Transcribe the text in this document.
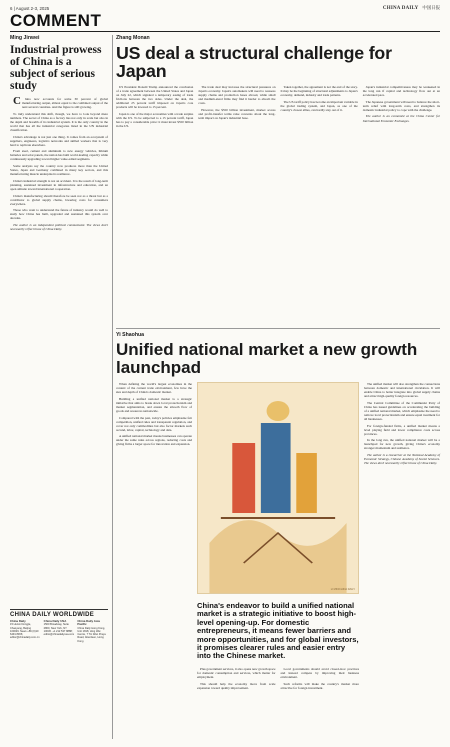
6 | August 2-3, 2025	CHINA DAILY 中国日报
COMMENT
Ming Jinwei
Industrial prowess of China is a subject of serious study

C	hina now accounts for some 30 percent of global manufacturing output, almost equal to the combined output of the next several countries. And the figure is still growing.

To truly understand this shift, though, we have to look beyond mere numbers. The secret of China as a factory lies not only in scale but also in the depth and breadth of its industrial system. It is the only country in the world that has all the industrial categories listed in the UN industrial classification.

China's advantage is not just one thing. It comes from an ecosystem of suppliers, engineers, logistics networks and skilled workers that is very hard to replicate elsewhere.

From steel, cement and aluminum to new energy vehicles, lithium batteries and solar panels, the nation has built world-leading capacity while continuously upgrading toward higher value-added segments.

Some analysts say the country now produces more than the United States, Japan and Germany combined in many key sectors, and this manufacturing muscle underpins its resilience.

China's industrial strength is not an accident. It is the result of long-term planning, sustained investment in infrastructure and education, and an open attitude toward international cooperation.

China's manufacturing should therefore be seen not as a threat but as a contributor to global supply chains, lowering costs for consumers everywhere.

Those who want to understand the future of industry would do well to study how China has built, upgraded and sustained this system over decades.

The author is an independent political commentator. The views don't necessarily reflect those of China Daily.

CHINA DAILY WORLDWIDE
China Daily
15 Huixin Dongjie, Chaoyang, Beijing 100029. News +86 (0)10 6491 8366; editor@chinadaily.com.cn
China Daily USA
1500 Broadway, Suite 2800, New York, NY 10036. +1 212 537 8888; editor@chinadailyusa.com
China Daily Asia Pacific
China Daily Hong Kong, Unit 1818, Hing Wai Centre, 7 Tin Wan Praya Road, Aberdeen, Hong Kong
Zhang Monan
US deal a structural challenge for Japan

US President Donald Trump announced the conclusion of a trade agreement between the United States and Japan on July 22, which signaled a temporary easing of trade frictions between the two sides. Under the deal, the additional 25 percent tariff imposed on Japan's core products will be lowered to 15 percent.

Japan is one of the major economies with a trade surplus with the US. To be subjected to a 15 percent tariff, Japan has to pay a considerable price: it must invest $550 billion in the US.

The trade deal may increase the structural pressures on Japan's economy. Japan's automakers will need to reassess supply chains and production bases abroad, while small and medium-sized firms may find it harder to absorb the costs.

However, the $550 billion investment, market access and profit-transfer terms raise concerns about the long-term impact on Japan's industrial base.

Taken together, the agreement is not the end of the story. It may be the beginning of structural adjustments to Japan's economy, demand, industry and trade patterns.

The US tariff policy has become an important variable in the global trading system, and Japan, as one of the country's closest allies, can hardly stay out of it.

Japan's industrial competitiveness may be weakened in the long run if capital and technology flow out at an accelerated pace.

The Japanese government will need to balance the short-term relief with long-term costs, and strengthen its domestic industrial policy to cope with the challenge.

The author is an economist at the China Center for International Economic Exchanges.

Yi Shaohua
Unified national market a new growth launchpad

When defining the world's largest economies in the context of the current trade environment, few have the size and depth of China's domestic market.

Building a unified national market is a strategic initiative that aims to break down local protectionism and market segmentation, and ensure the smooth flow of goods and resources nationwide.

Compared with the past, today's policies emphasize fair competition, unified rules and transparent regulation, and cover not only commodities but also factor markets such as land, labor, capital, technology and data.

A unified national market means businesses can operate under the same rules across regions, reducing costs and giving firms a larger space for innovation and expansion.

LI MIN/CHINA DAILY
China's endeavor to build a unified national market is a strategic initiative to boost high-level opening-up. For domestic entrepreneurs, it means fewer barriers and more opportunities, and for global investors, it promises clearer rules and easier entry into the Chinese market.

Plus government services, it also opens new growth space for domestic consumption and services, which matter for employment.

This should help the economy move from scale expansion toward quality improvement.

Local governments should avoid closed-door practices and instead compete by improving their business environment.

Such reforms will make the country's market more attractive for foreign investment.

The unified market will also strengthen the connections between domestic and international circulation. It will enable China to better integrate into global supply chains and attract high-quality foreign resources.

The Central Committee of the Communist Party of China has issued guidelines on accelerating the building of a unified national market, which emphasize the need to remove local protectionism and ensure equal treatment for all businesses.

For foreign-funded firms, a unified market means a level playing field and lower compliance costs across provinces.

In the long run, the unified national market will be a launchpad for new growth, giving China's economy stronger momentum and resilience.

The author is a researcher at the National Academy of Economic Strategy, Chinese Academy of Social Sciences. The views don't necessarily reflect those of China Daily.
